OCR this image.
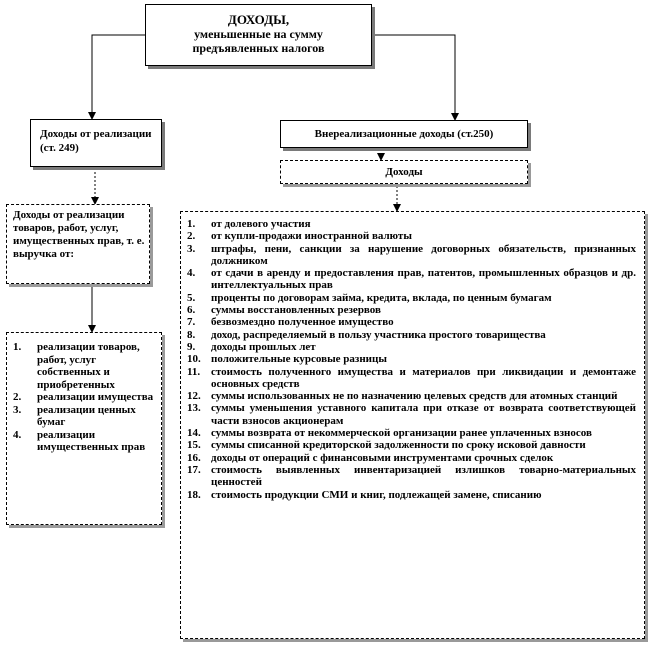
ДОХОДЫ,
уменьшенные на сумму
предъявленных налогов
Доходы от реализации (ст. 249)
Внереализационные доходы (ст.250)
Доходы
Доходы от реализации товаров, работ, услуг, имущественных прав, т. е. выручка от:
1. реализации товаров, работ, услуг собственных и приобретенных
2. реализации имущества
3. реализации ценных бумаг
4. реализации имущественных прав
1. от долевого участия
2. от купли-продажи иностранной валюты
3. штрафы, пени, санкции за нарушение договорных обязательств, признанных должником
4. от сдачи в аренду и предоставления прав, патентов, промышленных образцов и др. интеллектуальных прав
5. проценты по договорам займа, кредита, вклада, по ценным бумагам
6. суммы восстановленных резервов
7. безвозмездно полученное имущество
8. доход, распределяемый в пользу участника простого товарищества
9. доходы прошлых лет
10. положительные курсовые разницы
11. стоимость полученного имущества и материалов при ликвидации и демонтаже основных средств
12. суммы использованных не по назначению целевых средств для атомных станций
13. суммы уменьшения уставного капитала при отказе от возврата соответствующей части взносов акционерам
14. суммы возврата от некоммерческой организации ранее уплаченных взносов
15. суммы списанной кредиторской задолженности по сроку исковой давности
16. доходы от операций с финансовыми инструментами срочных сделок
17. стоимость выявленных инвентаризацией излишков товарно-материальных ценностей
18. стоимость продукции СМИ и книг, подлежащей замене, списанию
